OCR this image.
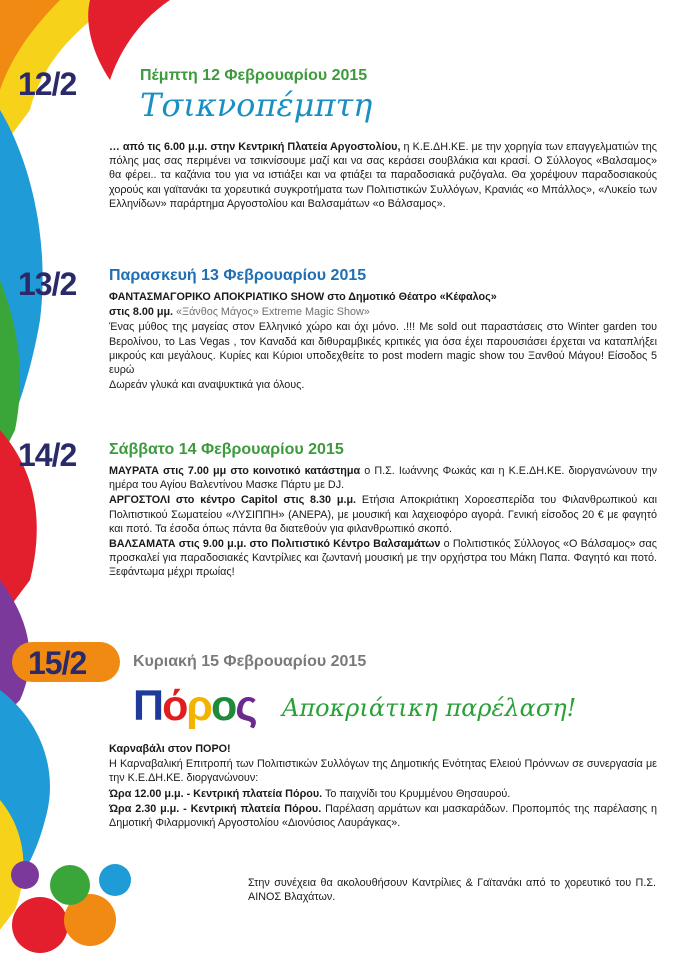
12/2	Πέμπτη 12 Φεβρουαρίου 2015
Τσικνοπέμπτη

… από τις 6.00 μ.μ. στην Κεντρική Πλατεία Αργοστολίου, η Κ.Ε.ΔΗ.ΚΕ. με την χορηγία των επαγγελματιών της πόλης μας σας περιμένει να τσικνίσουμε μαζί και να σας κεράσει σουβλάκια και κρασί. Ο Σύλλογος «Βαλσαμος» θα φέρει.. τα καζάνια του για να ιστιάξει και να φτιάξει τα παραδοσιακά ρυζόγαλα. Θα χορέψουν παραδοσιακούς χορούς και γαϊτανάκι τα χορευτικά συγκροτήματα των Πολιτιστικών Συλλόγων, Κρανιάς «ο Μπάλλος», «Λυκείο των Ελληνίδων» παράρτημα Αργοστολίου και Βαλσαμάτων «ο Βάλσαμος».

13/2 Παρασκευή 13 Φεβρουαρίου 2015

ΦΑΝΤΑΣΜΑΓΟΡΙΚΟ ΑΠΟΚΡΙΑΤΙΚΟ SHOW στο Δημοτικό Θέατρο «Κέφαλος»

στις 8.00 μμ. «Ξάνθος Μάγος» Extreme Magic Show»

Ένας μύθος της μαγείας στον Ελληνικό χώρο και όχι μόνο. .!!! Με sold out παραστάσεις στο Winter garden του Βερολίνου, το Las Vegas , τον Καναδά και διθυραμβικές κριτικές για όσα έχει παρουσιάσει έρχεται να καταπλήξει μικρούς και μεγάλους. Κυρίες και Κύριοι υποδεχθείτε το post modern magic show του Ξανθού Μάγου! Είσοδος 5 ευρώ

Δωρεάν γλυκά και αναψυκτικά για όλους.

14/2 Σάββατο 14 Φεβρουαρίου 2015

ΜΑΥΡΑΤΑ στις 7.00 μμ στο κοινοτικό κατάστημα ο Π.Σ. Ιωάννης Φωκάς και η Κ.Ε.ΔΗ.ΚΕ. διοργανώνουν την ημέρα του Αγίου Βαλεντίνου Μασκε Πάρτυ με DJ.

ΑΡΓΟΣΤΟΛΙ στο κέντρο Capitol στις 8.30 μ.μ. Ετήσια Αποκριάτικη Χοροεσπερίδα του Φιλανθρωπικού και Πολιτιστικού Σωματείου «ΛΥΣΙΠΠΗ» (ΑΝΕΡΑ), με μουσική και λαχειοφόρο αγορά. Γενική είσοδος 20 € με φαγητό και ποτό. Τα έσοδα όπως πάντα θα διατεθούν για φιλανθρωπικό σκοπό.

ΒΑΛΣΑΜΑΤΑ στις 9.00 μ.μ. στο Πολιτιστικό Κέντρο Βαλσαμάτων ο Πολιτιστικός Σύλλογος «Ο Βάλσαμος» σας προσκαλεί για παραδοσιακές Καντρίλιες και ζωντανή μουσική με την ορχήστρα του Μάκη Παπα. Φαγητό και ποτό. Ξεφάντωμα μέχρι πρωίας!

15/2	Κυριακή 15 Φεβρουαρίου 2015
Πόρος Αποκριάτικη παρέλαση!

Καρναβάλι στον ΠΟΡΟ!

Η Καρναβαλική Επιτροπή των Πολιτιστικών Συλλόγων της Δημοτικής Ενότητας Ελειού Πρόννων σε συνεργασία με την Κ.Ε.ΔΗ.ΚΕ. διοργανώνουν:

Ώρα 12.00 μ.μ. - Κεντρική πλατεία Πόρου. Το παιχνίδι του Κρυμμένου Θησαυρού.

Ώρα 2.30 μ.μ. - Κεντρική πλατεία Πόρου. Παρέλαση αρμάτων και μασκαράδων. Προπομπός της παρέλασης η Δημοτική Φιλαρμονική Αργοστολίου «Διονύσιος Λαυράγκας».

Στην συνέχεια θα ακολουθήσουν Καντρίλιες & Γαϊτανάκι από το χορευτικό του Π.Σ. ΑΙΝΟΣ Βλαχάτων.
